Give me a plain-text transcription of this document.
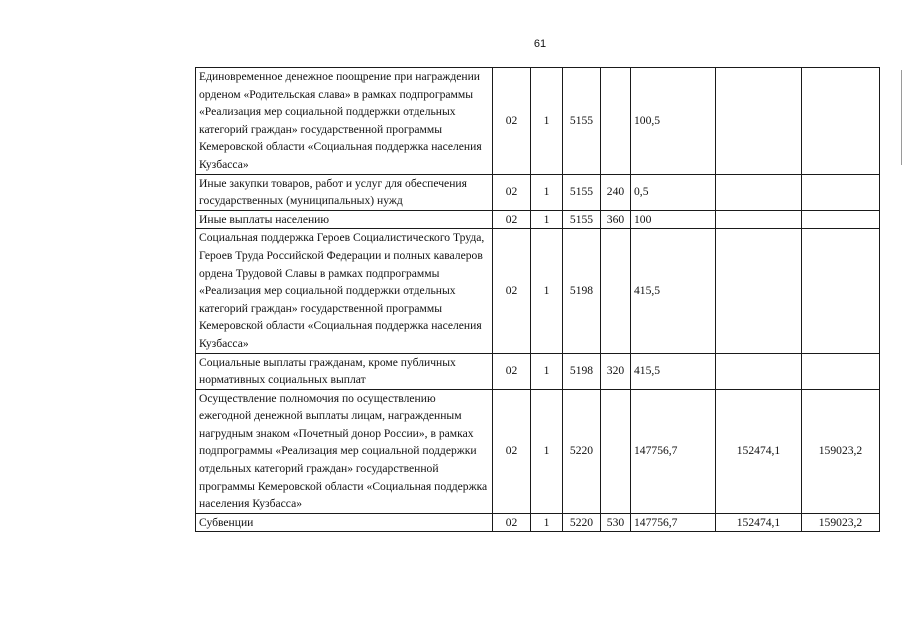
61
Единовременное денежное поощрение при награждении орденом «Родительская слава» в рамках подпрограммы «Реализация мер социальной поддержки отдельных категорий граждан» государственной программы Кемеровской области «Социальная поддержка населения Кузбасса»	02	1	5155		100,5		
Иные закупки товаров, работ и услуг для обеспечения государственных (муниципальных) нужд	02	1	5155	240	0,5		
Иные выплаты населению	02	1	5155	360	100		
Социальная поддержка Героев Социалистического Труда, Героев Труда Российской Федерации и полных кавалеров ордена Трудовой Славы в рамках подпрограммы «Реализация мер социальной поддержки отдельных категорий граждан» государственной программы Кемеровской области «Социальная поддержка населения Кузбасса»	02	1	5198		415,5		
Социальные выплаты гражданам, кроме публичных нормативных социальных выплат	02	1	5198	320	415,5		
Осуществление полномочия по осуществлению ежегодной денежной выплаты лицам, награжденным нагрудным знаком «Почетный донор России», в рамках подпрограммы «Реализация мер социальной поддержки отдельных категорий граждан» государственной программы Кемеровской области «Социальная поддержка населения Кузбасса»	02	1	5220		147756,7	152474,1	159023,2
Субвенции	02	1	5220	530	147756,7	152474,1	159023,2
